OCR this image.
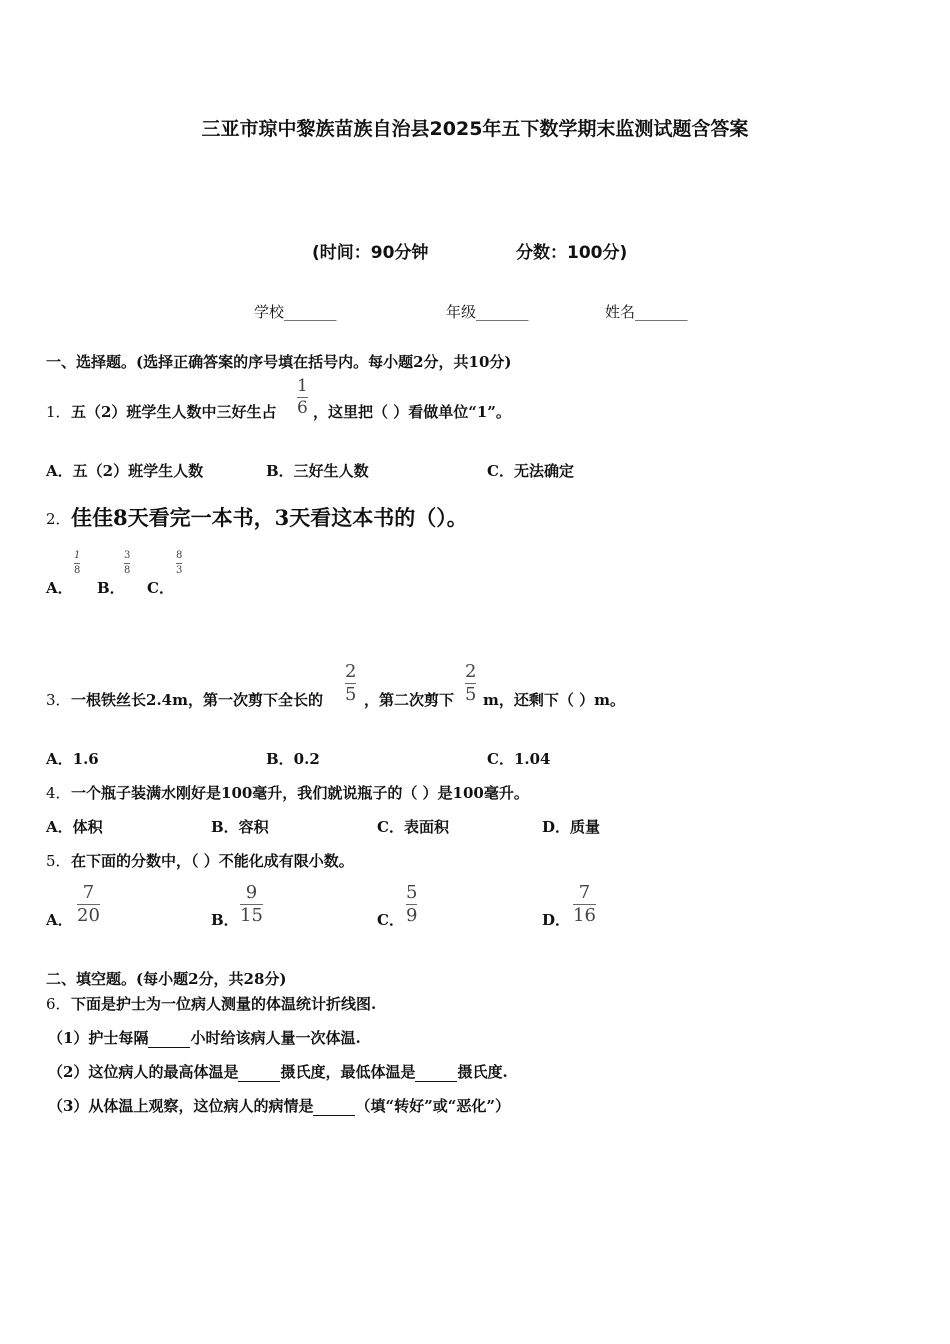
三亚市琼中黎族苗族自治县2025年五下数学期末监测试题含答案
(时间：90分钟	分数：100分)
学校_______	年级_______	姓名_______
一、选择题。(选择正确答案的序号填在括号内。每小题2分，共10分)
1． 五（2）班学生人数中三好生占
1
6 ，这里把（ ）看做单位“1”。
A．五（2）班学生人数	B．三好生人数	C．无法确定
2． 佳佳8天看完一本书，3天看这本书的（）。
A．
1
8
B．
3
8
C．
8
3
3． 一根铁丝长2.4m，第一次剪下全长的
2
5 ，第二次剪下
2
5 m，还剩下（ ）m。
A．1.6	B．0.2	C．1.04
4． 一个瓶子装满水刚好是100毫升，我们就说瓶子的（ ）是100毫升。
A．体积	B．容积	C．表面积	D．质量
5． 在下面的分数中，（ ）不能化成有限小数。
A．
7
20	B．
9
15	C．
5
9	D．
7
16
二、填空题。(每小题2分，共28分)
6． 下面是护士为一位病人测量的体温统计折线图.
（1）护士每隔	小时给该病人量一次体温.
（2）这位病人的最高体温是	摄氏度，最低体温是	摄氏度.
（3）从体温上观察，这位病人的病情是	（填“转好”或“恶化”）
